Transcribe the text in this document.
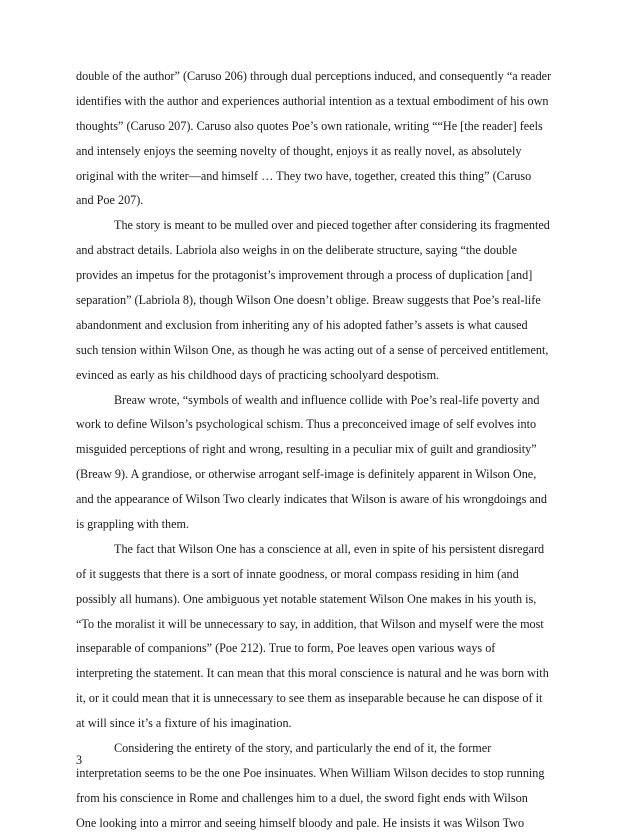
double of the author” (Caruso 206) through dual perceptions induced, and consequently “a reader
identifies with the author and experiences authorial intention as a textual embodiment of his own
thoughts” (Caruso 207). Caruso also quotes Poe’s own rationale, writing ““He [the reader] feels
and intensely enjoys the seeming novelty of thought, enjoys it as really novel, as absolutely
original with the writer—and himself … They two have, together, created this thing” (Caruso
and Poe 207).
The story is meant to be mulled over and pieced together after considering its fragmented
and abstract details. Labriola also weighs in on the deliberate structure, saying “the double
provides an impetus for the protagonist’s improvement through a process of duplication [and]
separation” (Labriola 8), though Wilson One doesn’t oblige. Breaw suggests that Poe’s real-life
abandonment and exclusion from inheriting any of his adopted father’s assets is what caused
such tension within Wilson One, as though he was acting out of a sense of perceived entitlement,
evinced as early as his childhood days of practicing schoolyard despotism.
Breaw wrote, “symbols of wealth and influence collide with Poe’s real-life poverty and
work to define Wilson’s psychological schism. Thus a preconceived image of self evolves into
misguided perceptions of right and wrong, resulting in a peculiar mix of guilt and grandiosity”
(Breaw 9). A grandiose, or otherwise arrogant self-image is definitely apparent in Wilson One,
and the appearance of Wilson Two clearly indicates that Wilson is aware of his wrongdoings and
is grappling with them.
The fact that Wilson One has a conscience at all, even in spite of his persistent disregard
of it suggests that there is a sort of innate goodness, or moral compass residing in him (and
possibly all humans). One ambiguous yet notable statement Wilson One makes in his youth is,
“To the moralist it will be unnecessary to say, in addition, that Wilson and myself were the most
inseparable of companions” (Poe 212). True to form, Poe leaves open various ways of
interpreting the statement. It can mean that this moral conscience is natural and he was born with
it, or it could mean that it is unnecessary to see them as inseparable because he can dispose of it
at will since it’s a fixture of his imagination.
Considering the entirety of the story, and particularly the end of it, the former
interpretation seems to be the one Poe insinuates. When William Wilson decides to stop running
from his conscience in Rome and challenges him to a duel, the sword fight ends with Wilson
One looking into a mirror and seeing himself bloody and pale. He insists it was Wilson Two
3
